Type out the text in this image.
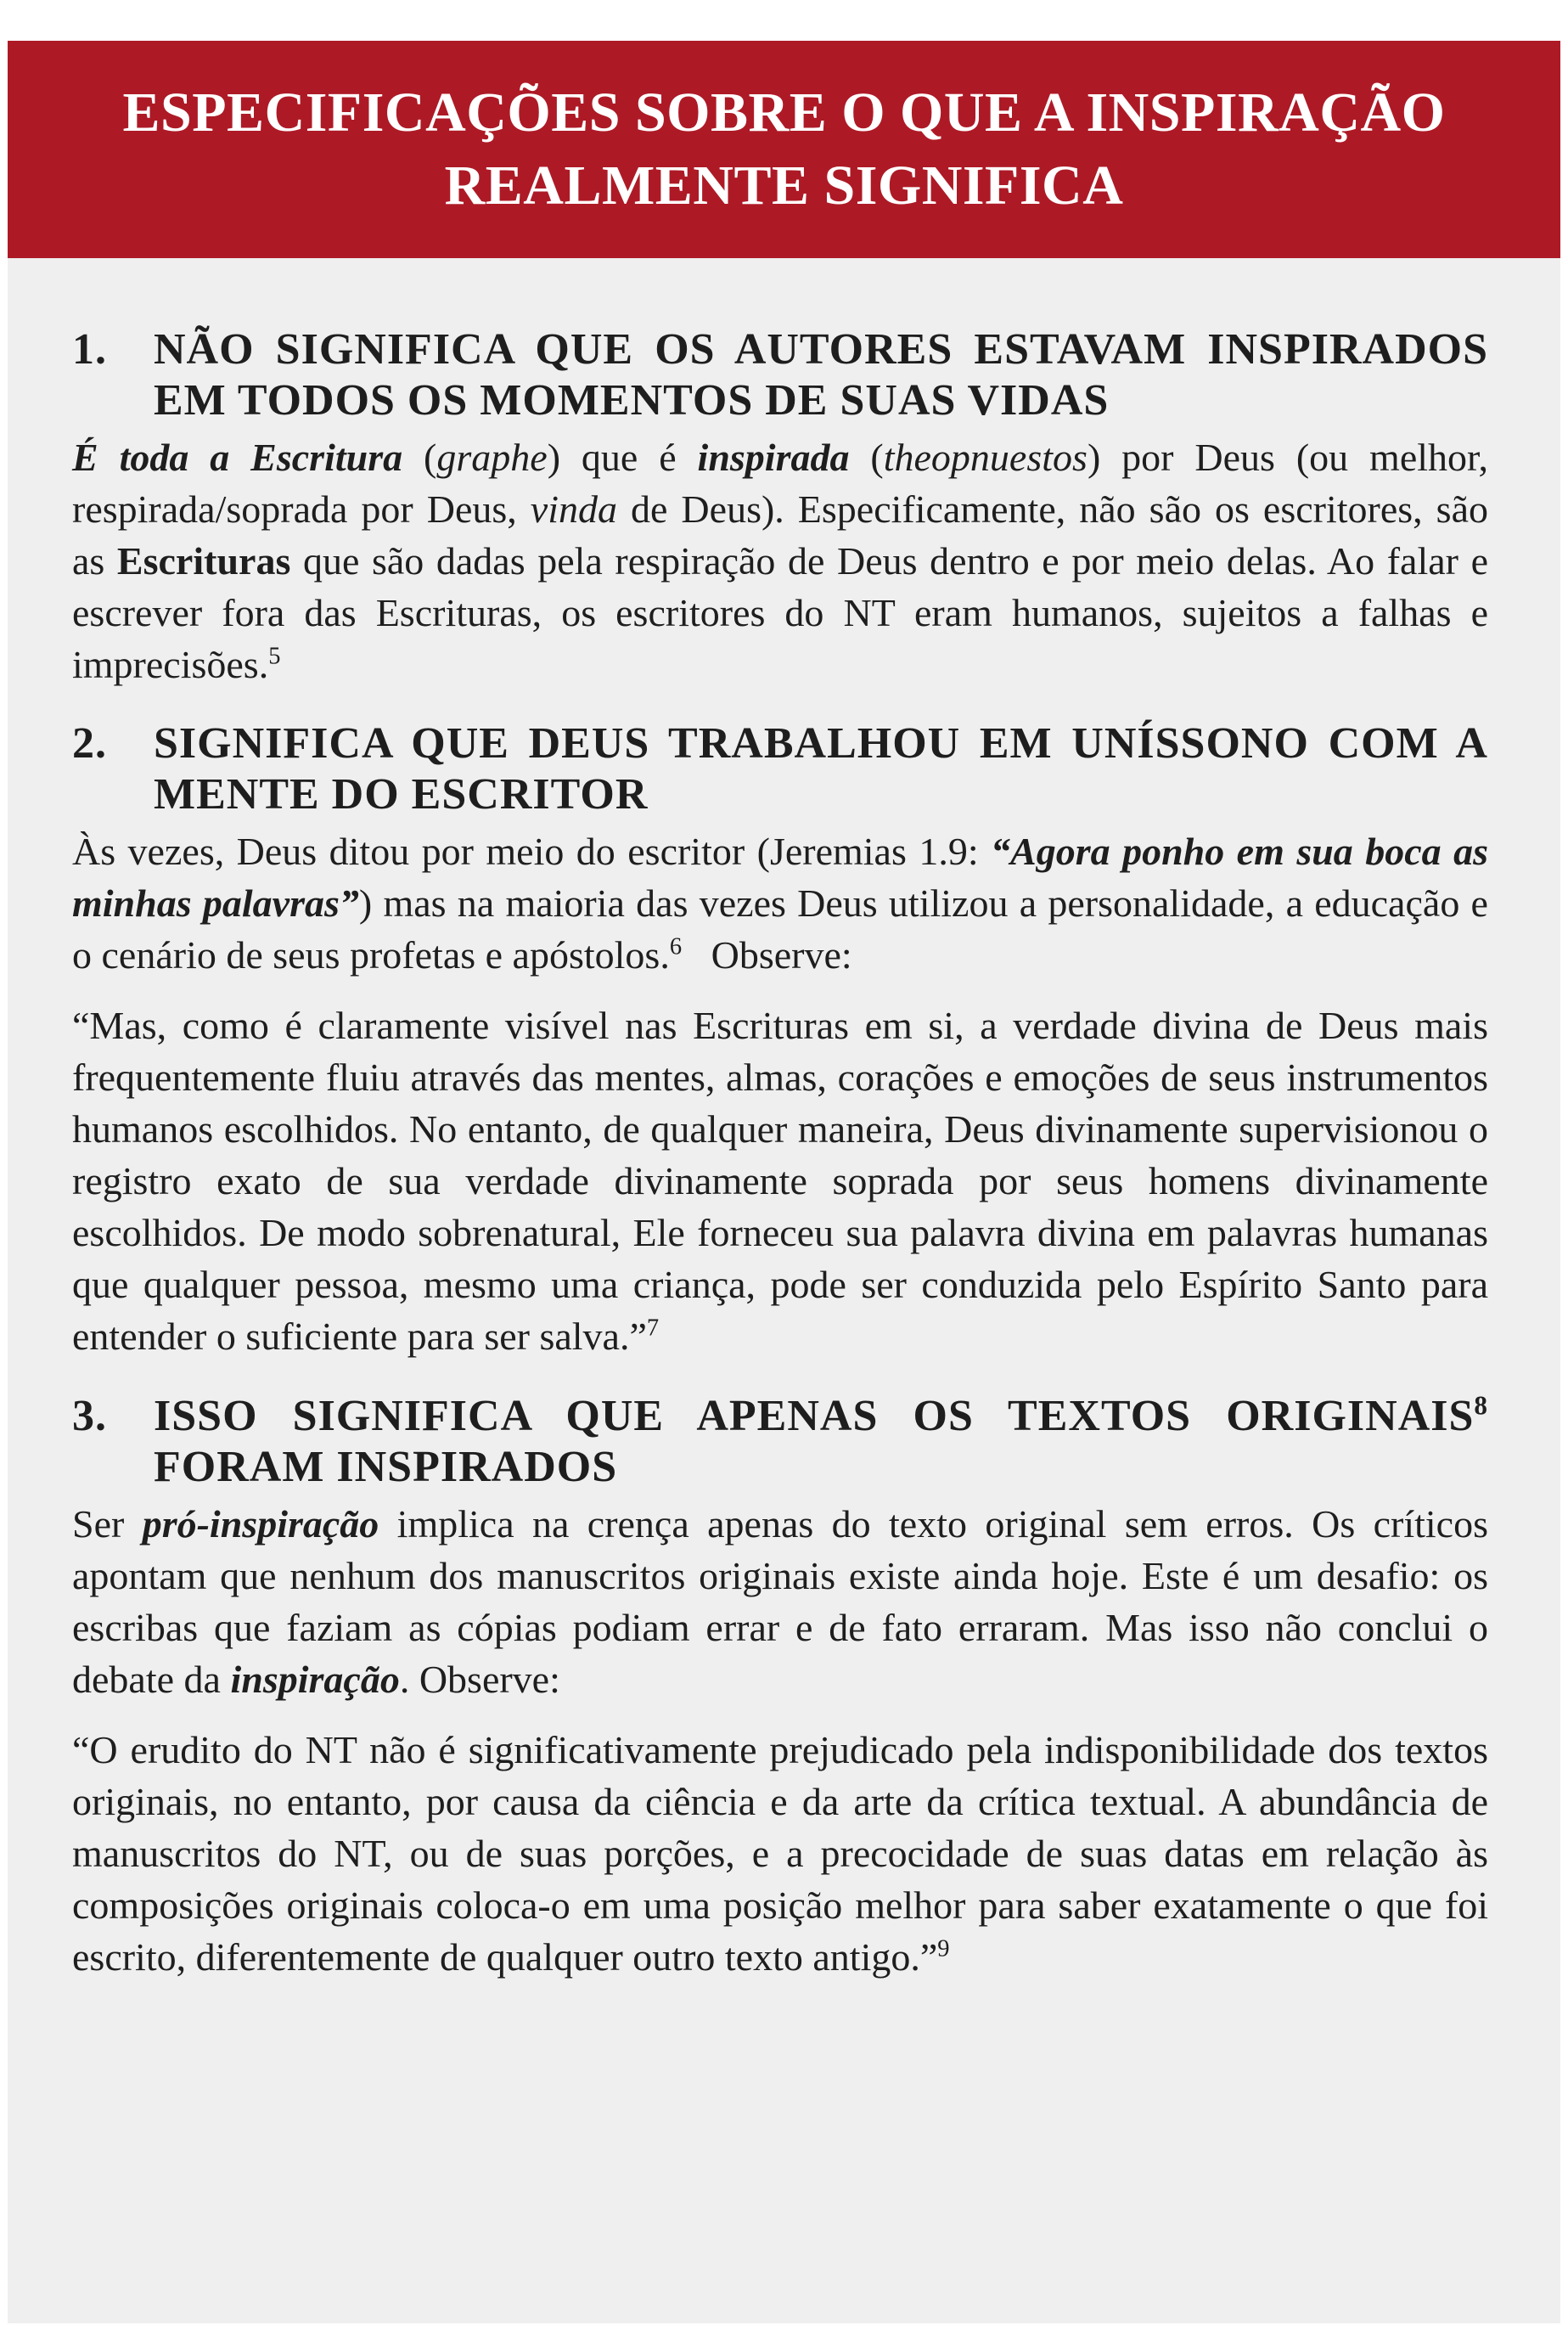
ESPECIFICAÇÕES SOBRE O QUE A INSPIRAÇÃO
REALMENTE SIGNIFICA
1.	NÃO SIGNIFICA QUE OS AUTORES ESTAVAM INSPIRADOS EM TODOS OS MOMENTOS DE SUAS VIDAS

É toda a Escritura (graphe) que é inspirada (theopnuestos) por Deus (ou melhor, respirada/soprada por Deus, vinda de Deus). Especificamente, não são os escritores, são as Escrituras que são dadas pela respiração de Deus dentro e por meio delas. Ao falar e escrever fora das Escrituras, os escritores do NT eram humanos, sujeitos a falhas e imprecisões.$^5$

2.	SIGNIFICA QUE DEUS TRABALHOU EM UNÍSSONO COM A MENTE DO ESCRITOR

Às vezes, Deus ditou por meio do escritor (Jeremias 1.9: “Agora ponho em sua boca as minhas palavras”) mas na maioria das vezes Deus utilizou a personalidade, a educação e o cenário de seus profetas e apóstolos.$^6$   Observe:

“Mas, como é claramente visível nas Escrituras em si, a verdade divina de Deus mais frequentemente fluiu através das mentes, almas, corações e emoções de seus instrumentos humanos escolhidos. No entanto, de qualquer maneira, Deus divinamente supervisionou o registro exato de sua verdade divinamente soprada por seus homens divinamente escolhidos. De modo sobrenatural, Ele forneceu sua palavra divina em palavras humanas que qualquer pessoa, mesmo uma criança, pode ser conduzida pelo Espírito Santo para entender o suficiente para ser salva.”$^7$

3.	ISSO SIGNIFICA QUE APENAS OS TEXTOS ORIGINAIS$^8$ FORAM INSPIRADOS

Ser pró-inspiração implica na crença apenas do texto original sem erros. Os críticos apontam que nenhum dos manuscritos originais existe ainda hoje. Este é um desafio: os escribas que faziam as cópias podiam errar e de fato erraram. Mas isso não conclui o debate da inspiração. Observe:

“O erudito do NT não é significativamente prejudicado pela indisponibilidade dos textos originais, no entanto, por causa da ciência e da arte da crítica textual. A abundância de manuscritos do NT, ou de suas porções, e a precocidade de suas datas em relação às composições originais coloca-o em uma posição melhor para saber exatamente o que foi escrito, diferentemente de qualquer outro texto antigo.”$^9$
